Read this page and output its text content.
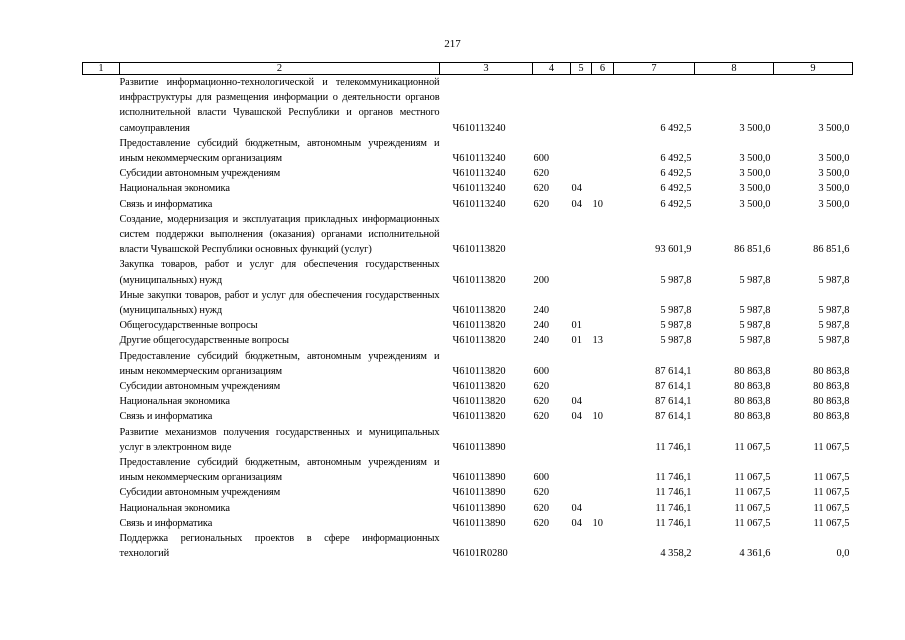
217
1	2	3	4	5	6	7	8	9
	Развитие информационно-технологической и телекоммуникационной инфраструктуры для размещения информации о деятельности органов исполнительной власти Чувашской Республики и органов местного самоуправления	Ч610113240				6 492,5	3 500,0	3 500,0
	Предоставление субсидий бюджетным, автономным учреждениям и иным некоммерческим организациям	Ч610113240	600			6 492,5	3 500,0	3 500,0
	Субсидии автономным учреждениям	Ч610113240	620			6 492,5	3 500,0	3 500,0
	Национальная экономика	Ч610113240	620	04		6 492,5	3 500,0	3 500,0
	Связь и информатика	Ч610113240	620	04	10	6 492,5	3 500,0	3 500,0
	Создание, модернизация и эксплуатация прикладных информационных систем поддержки выполнения (оказания) органами исполнительной власти Чувашской Республики основных функций (услуг)	Ч610113820				93 601,9	86 851,6	86 851,6
	Закупка товаров, работ и услуг для обеспечения государственных (муниципальных) нужд	Ч610113820	200			5 987,8	5 987,8	5 987,8
	Иные закупки товаров, работ и услуг для обеспечения государственных (муниципальных) нужд	Ч610113820	240			5 987,8	5 987,8	5 987,8
	Общегосударственные вопросы	Ч610113820	240	01		5 987,8	5 987,8	5 987,8
	Другие общегосударственные вопросы	Ч610113820	240	01	13	5 987,8	5 987,8	5 987,8
	Предоставление субсидий бюджетным, автономным учреждениям и иным некоммерческим организациям	Ч610113820	600			87 614,1	80 863,8	80 863,8
	Субсидии автономным учреждениям	Ч610113820	620			87 614,1	80 863,8	80 863,8
	Национальная экономика	Ч610113820	620	04		87 614,1	80 863,8	80 863,8
	Связь и информатика	Ч610113820	620	04	10	87 614,1	80 863,8	80 863,8
	Развитие механизмов получения государственных и муниципальных услуг в электронном виде	Ч610113890				11 746,1	11 067,5	11 067,5
	Предоставление субсидий бюджетным, автономным учреждениям и иным некоммерческим организациям	Ч610113890	600			11 746,1	11 067,5	11 067,5
	Субсидии автономным учреждениям	Ч610113890	620			11 746,1	11 067,5	11 067,5
	Национальная экономика	Ч610113890	620	04		11 746,1	11 067,5	11 067,5
	Связь и информатика	Ч610113890	620	04	10	11 746,1	11 067,5	11 067,5
	Поддержка региональных проектов в сфере информационных технологий	Ч6101R0280				4 358,2	4 361,6	0,0
